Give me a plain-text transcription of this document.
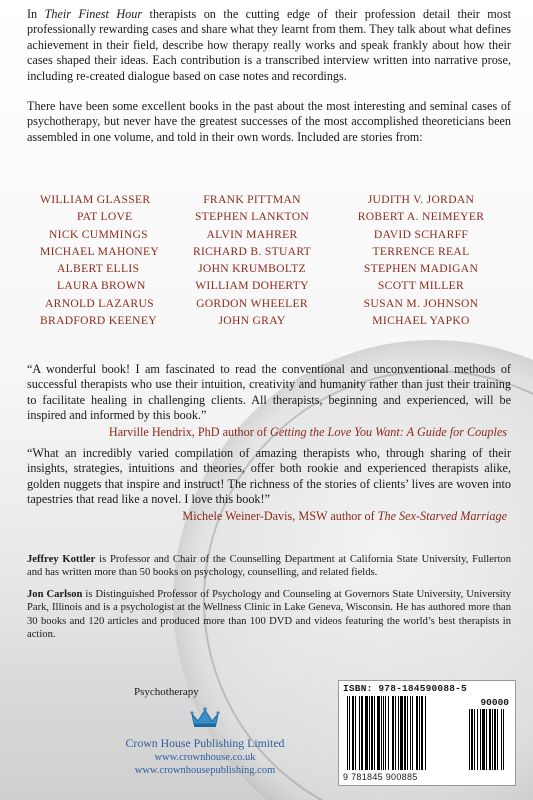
In Their Finest Hour therapists on the cutting edge of their profession detail their most professionally rewarding cases and share what they learnt from them. They talk about what defines achievement in their field, describe how therapy really works and speak frankly about how their cases shaped their ideas. Each contribution is a transcribed interview written into narrative prose, including re-created dialogue based on case notes and recordings.

There have been some excellent books in the past about the most interesting and seminal cases of psychotherapy, but never have the greatest successes of the most accomplished theoreticians been assembled in one volume, and told in their own words. Included are stories from:

WILLIAM GLASSER
PAT LOVE
NICK CUMMINGS
MICHAEL MAHONEY
ALBERT ELLIS
LAURA BROWN
ARNOLD LAZARUS
BRADFORD KEENEY
FRANK PITTMAN
STEPHEN LANKTON
ALVIN MAHRER
RICHARD B. STUART
JOHN KRUMBOLTZ
WILLIAM DOHERTY
GORDON WHEELER
JOHN GRAY
JUDITH V. JORDAN
ROBERT A. NEIMEYER
DAVID SCHARFF
TERRENCE REAL
STEPHEN MADIGAN
SCOTT MILLER
SUSAN M. JOHNSON
MICHAEL YAPKO

“A wonderful book! I am fascinated to read the conventional and unconventional methods of successful therapists who use their intuition, creativity and humanity rather than just their training to facilitate healing in challenging clients. All therapists, beginning and experienced, will be inspired and informed by this book.”

Harville Hendrix, PhD author of Getting the Love You Want: A Guide for Couples

“What an incredibly varied compilation of amazing therapists who, through sharing of their insights, strategies, intuitions and theories, offer both rookie and experienced therapists alike, golden nuggets that inspire and instruct! The richness of the stories of clients’ lives are woven into tapestries that read like a novel. I love this book!”

Michele Weiner-Davis, MSW author of The Sex-Starved Marriage

Jeffrey Kottler is Professor and Chair of the Counselling Department at California State University, Fullerton and has written more than 50 books on psychology, counselling, and related fields.

Jon Carlson is Distinguished Professor of Psychology and Counseling at Governors State University, University Park, Illinois and is a psychologist at the Wellness Clinic in Lake Geneva, Wisconsin. He has authored more than 30 books and 120 articles and produced more than 100 DVD and videos featuring the world’s best therapists in action.

Psychotherapy
Crown House Publishing Limited
www.crownhouse.co.uk
www.crownhousepublishing.com
ISBN: 978-184590088-5
90000
9 781845 900885
